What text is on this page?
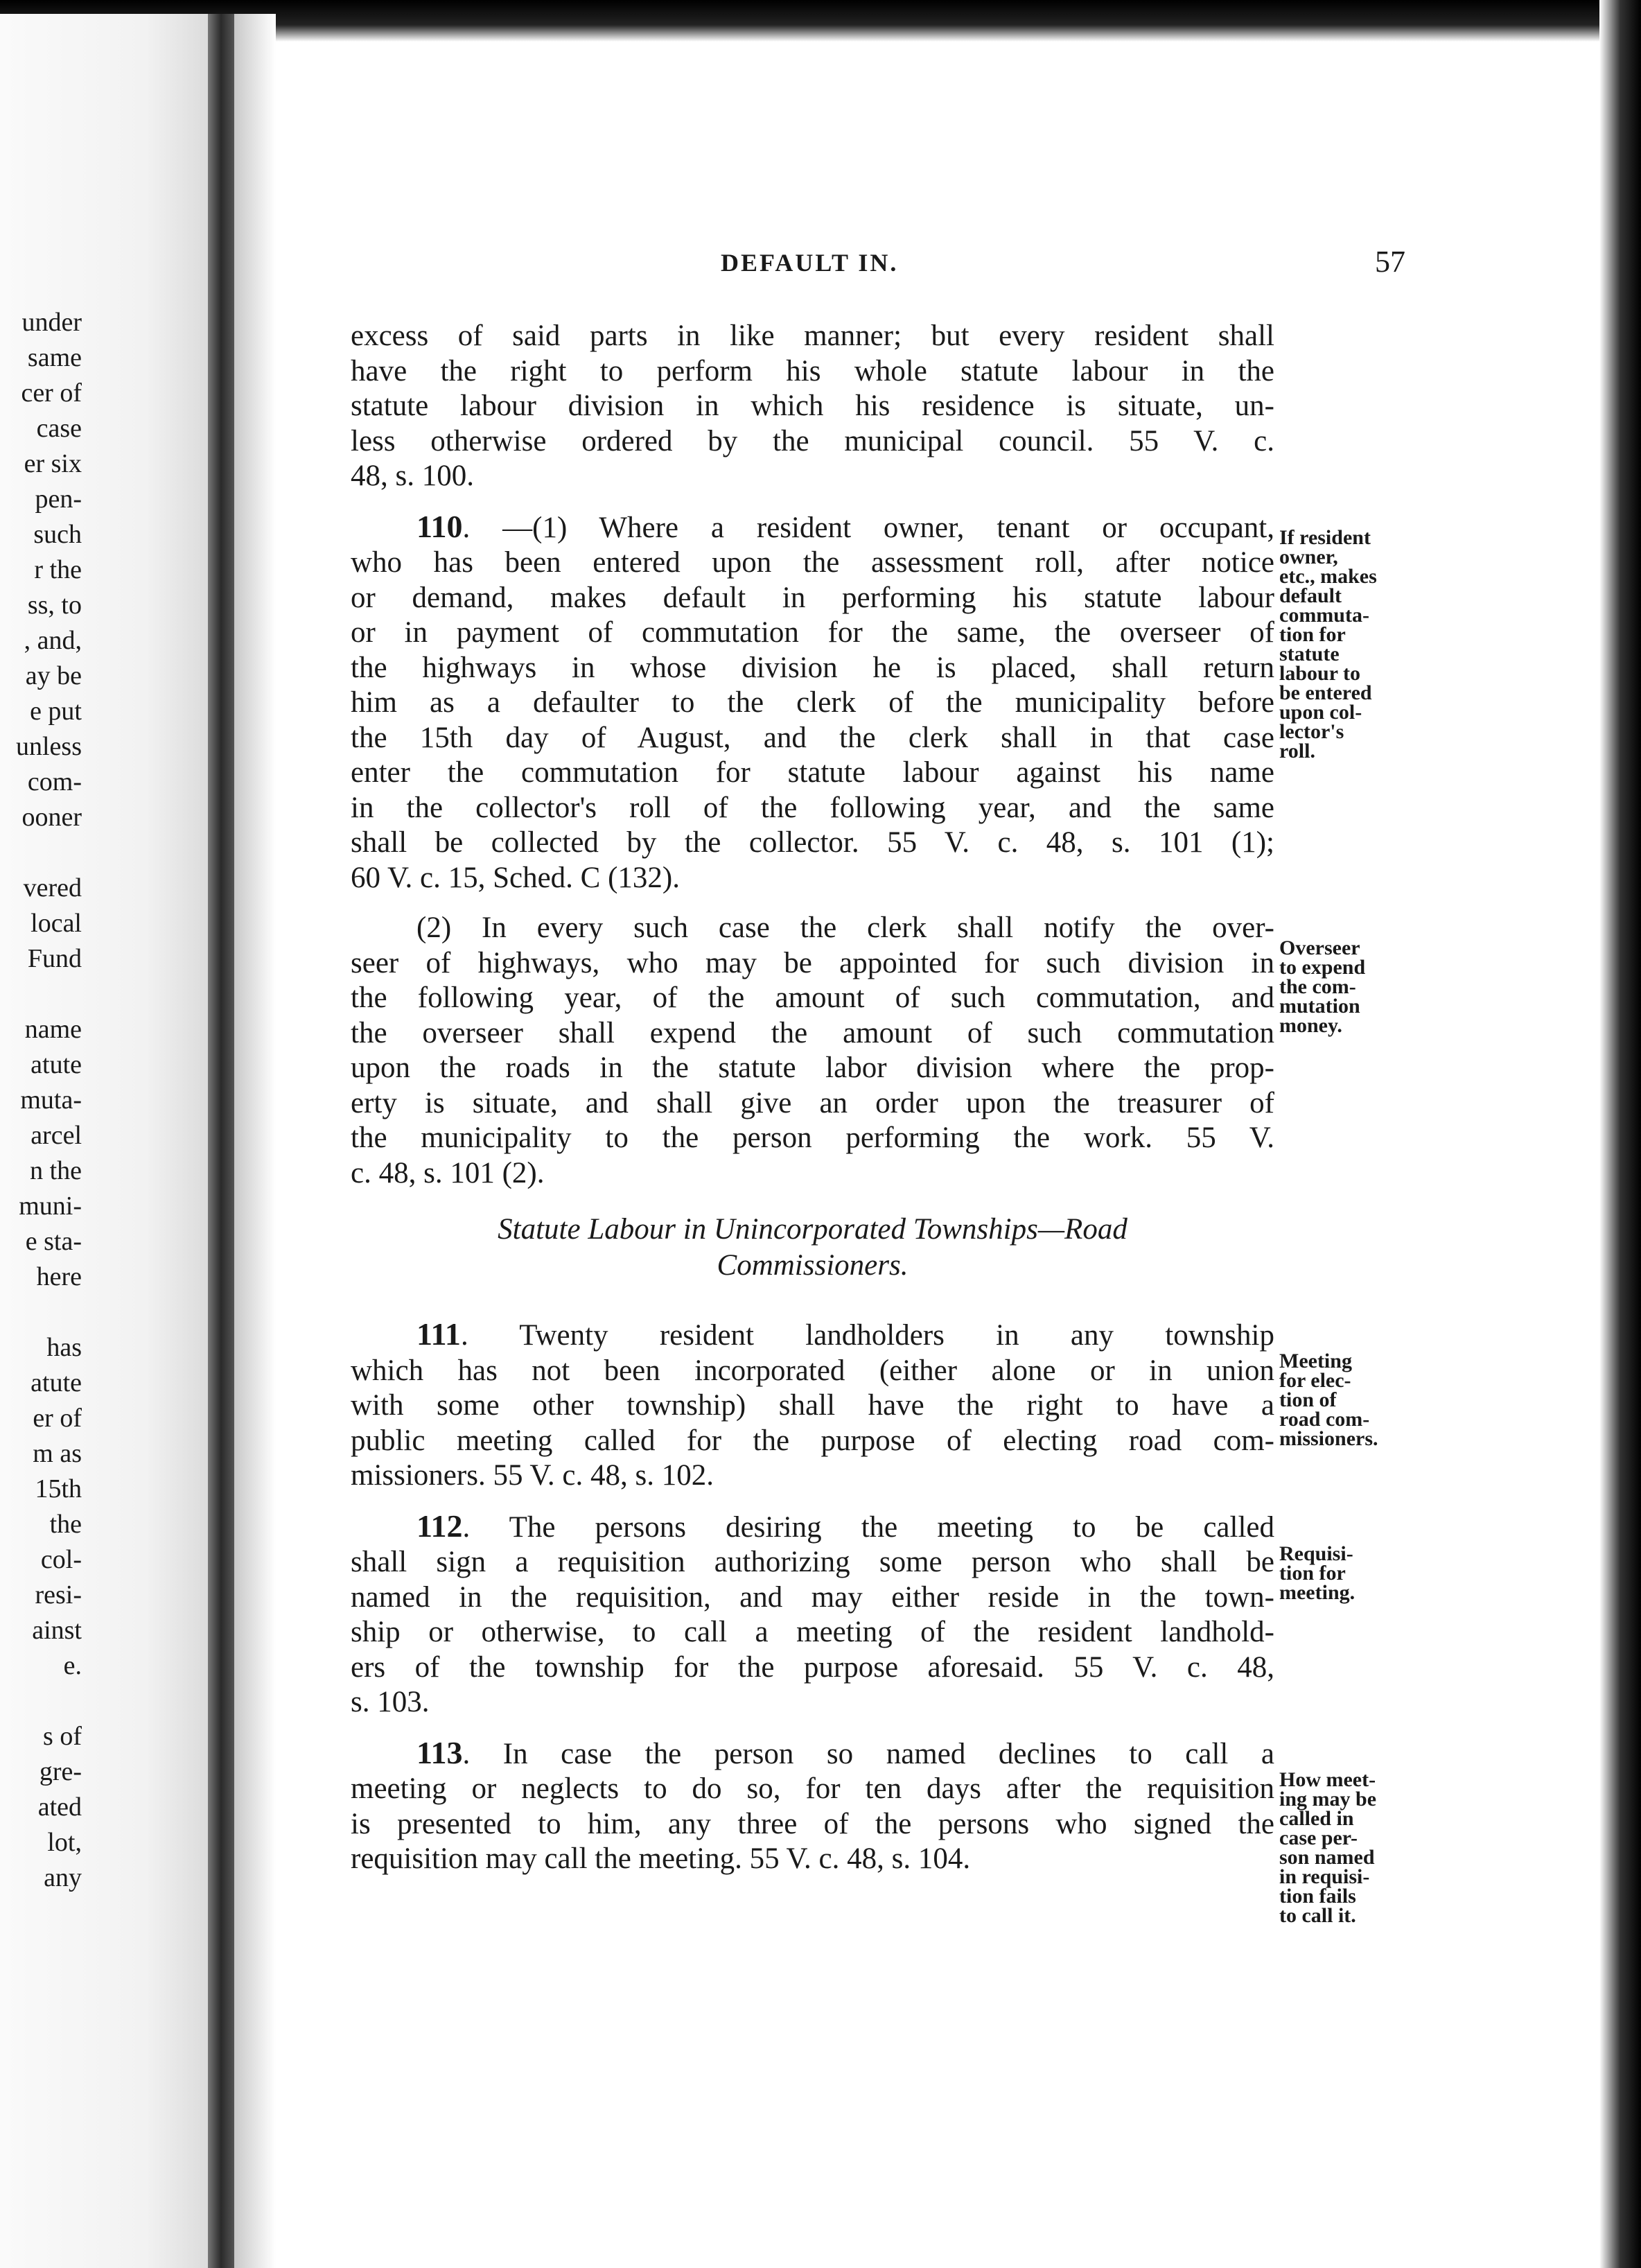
under
same
cer of
case
er six
pen-
such
r the
ss, to
, and,
ay be
e put
unless
com-
ooner
vered
local
Fund
name
atute
muta-
arcel
n the
muni-
e sta-
here
has
atute
er of
m as
15th
the
col-
resi-
ainst
e.
s of
gre-
ated
lot,
any
DEFAULT IN.	57
excess of said parts in like manner; but every resident shall
have the right to perform his whole statute labour in the
statute labour division in which his residence is situate, un-
less otherwise ordered by the municipal council. 55 V. c.
48, s. 100.
110. —(1) Where a resident owner, tenant or occupant,
who has been entered upon the assessment roll, after notice
or demand, makes default in performing his statute labour
or in payment of commutation for the same, the overseer of
the highways in whose division he is placed, shall return
him as a defaulter to the clerk of the municipality before
the 15th day of August, and the clerk shall in that case
enter the commutation for statute labour against his name
in the collector's roll of the following year, and the same
shall be collected by the collector. 55 V. c. 48, s. 101 (1);
60 V. c. 15, Sched. C (132).
(2) In every such case the clerk shall notify the over-
seer of highways, who may be appointed for such division in
the following year, of the amount of such commutation, and
the overseer shall expend the amount of such commutation
upon the roads in the statute labor division where the prop-
erty is situate, and shall give an order upon the treasurer of
the municipality to the person performing the work. 55 V.
c. 48, s. 101 (2).
Statute Labour in Unincorporated Townships—Road
Commissioners.
111. Twenty resident landholders in any township
which has not been incorporated (either alone or in union
with some other township) shall have the right to have a
public meeting called for the purpose of electing road com-
missioners. 55 V. c. 48, s. 102.
112. The persons desiring the meeting to be called
shall sign a requisition authorizing some person who shall be
named in the requisition, and may either reside in the town-
ship or otherwise, to call a meeting of the resident landhold-
ers of the township for the purpose aforesaid. 55 V. c. 48,
s. 103.
113. In case the person so named declines to call a
meeting or neglects to do so, for ten days after the requisition
is presented to him, any three of the persons who signed the
requisition may call the meeting. 55 V. c. 48, s. 104.
If resident
owner,
etc., makes
default
commuta-
tion for
statute
labour to
be entered
upon col-
lector's
roll.
Overseer
to expend
the com-
mutation
money.
Meeting
for elec-
tion of
road com-
missioners.
Requisi-
tion for
meeting.
How meet-
ing may be
called in
case per-
son named
in requisi-
tion fails
to call it.
